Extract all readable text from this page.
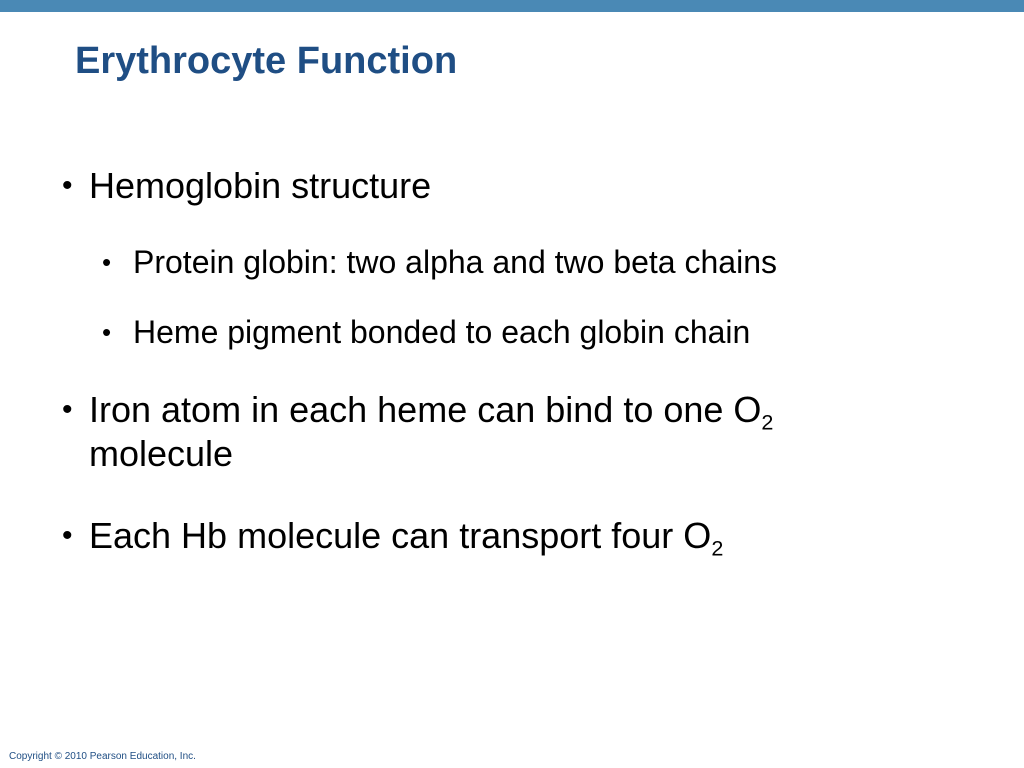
Erythrocyte Function
• Hemoglobin structure
• Protein globin: two alpha and two beta chains
• Heme pigment bonded to each globin chain
• Iron atom in each heme can bind to one $O_2$ molecule
• Each Hb molecule can transport four $O_2$
Copyright © 2010 Pearson Education, Inc.
